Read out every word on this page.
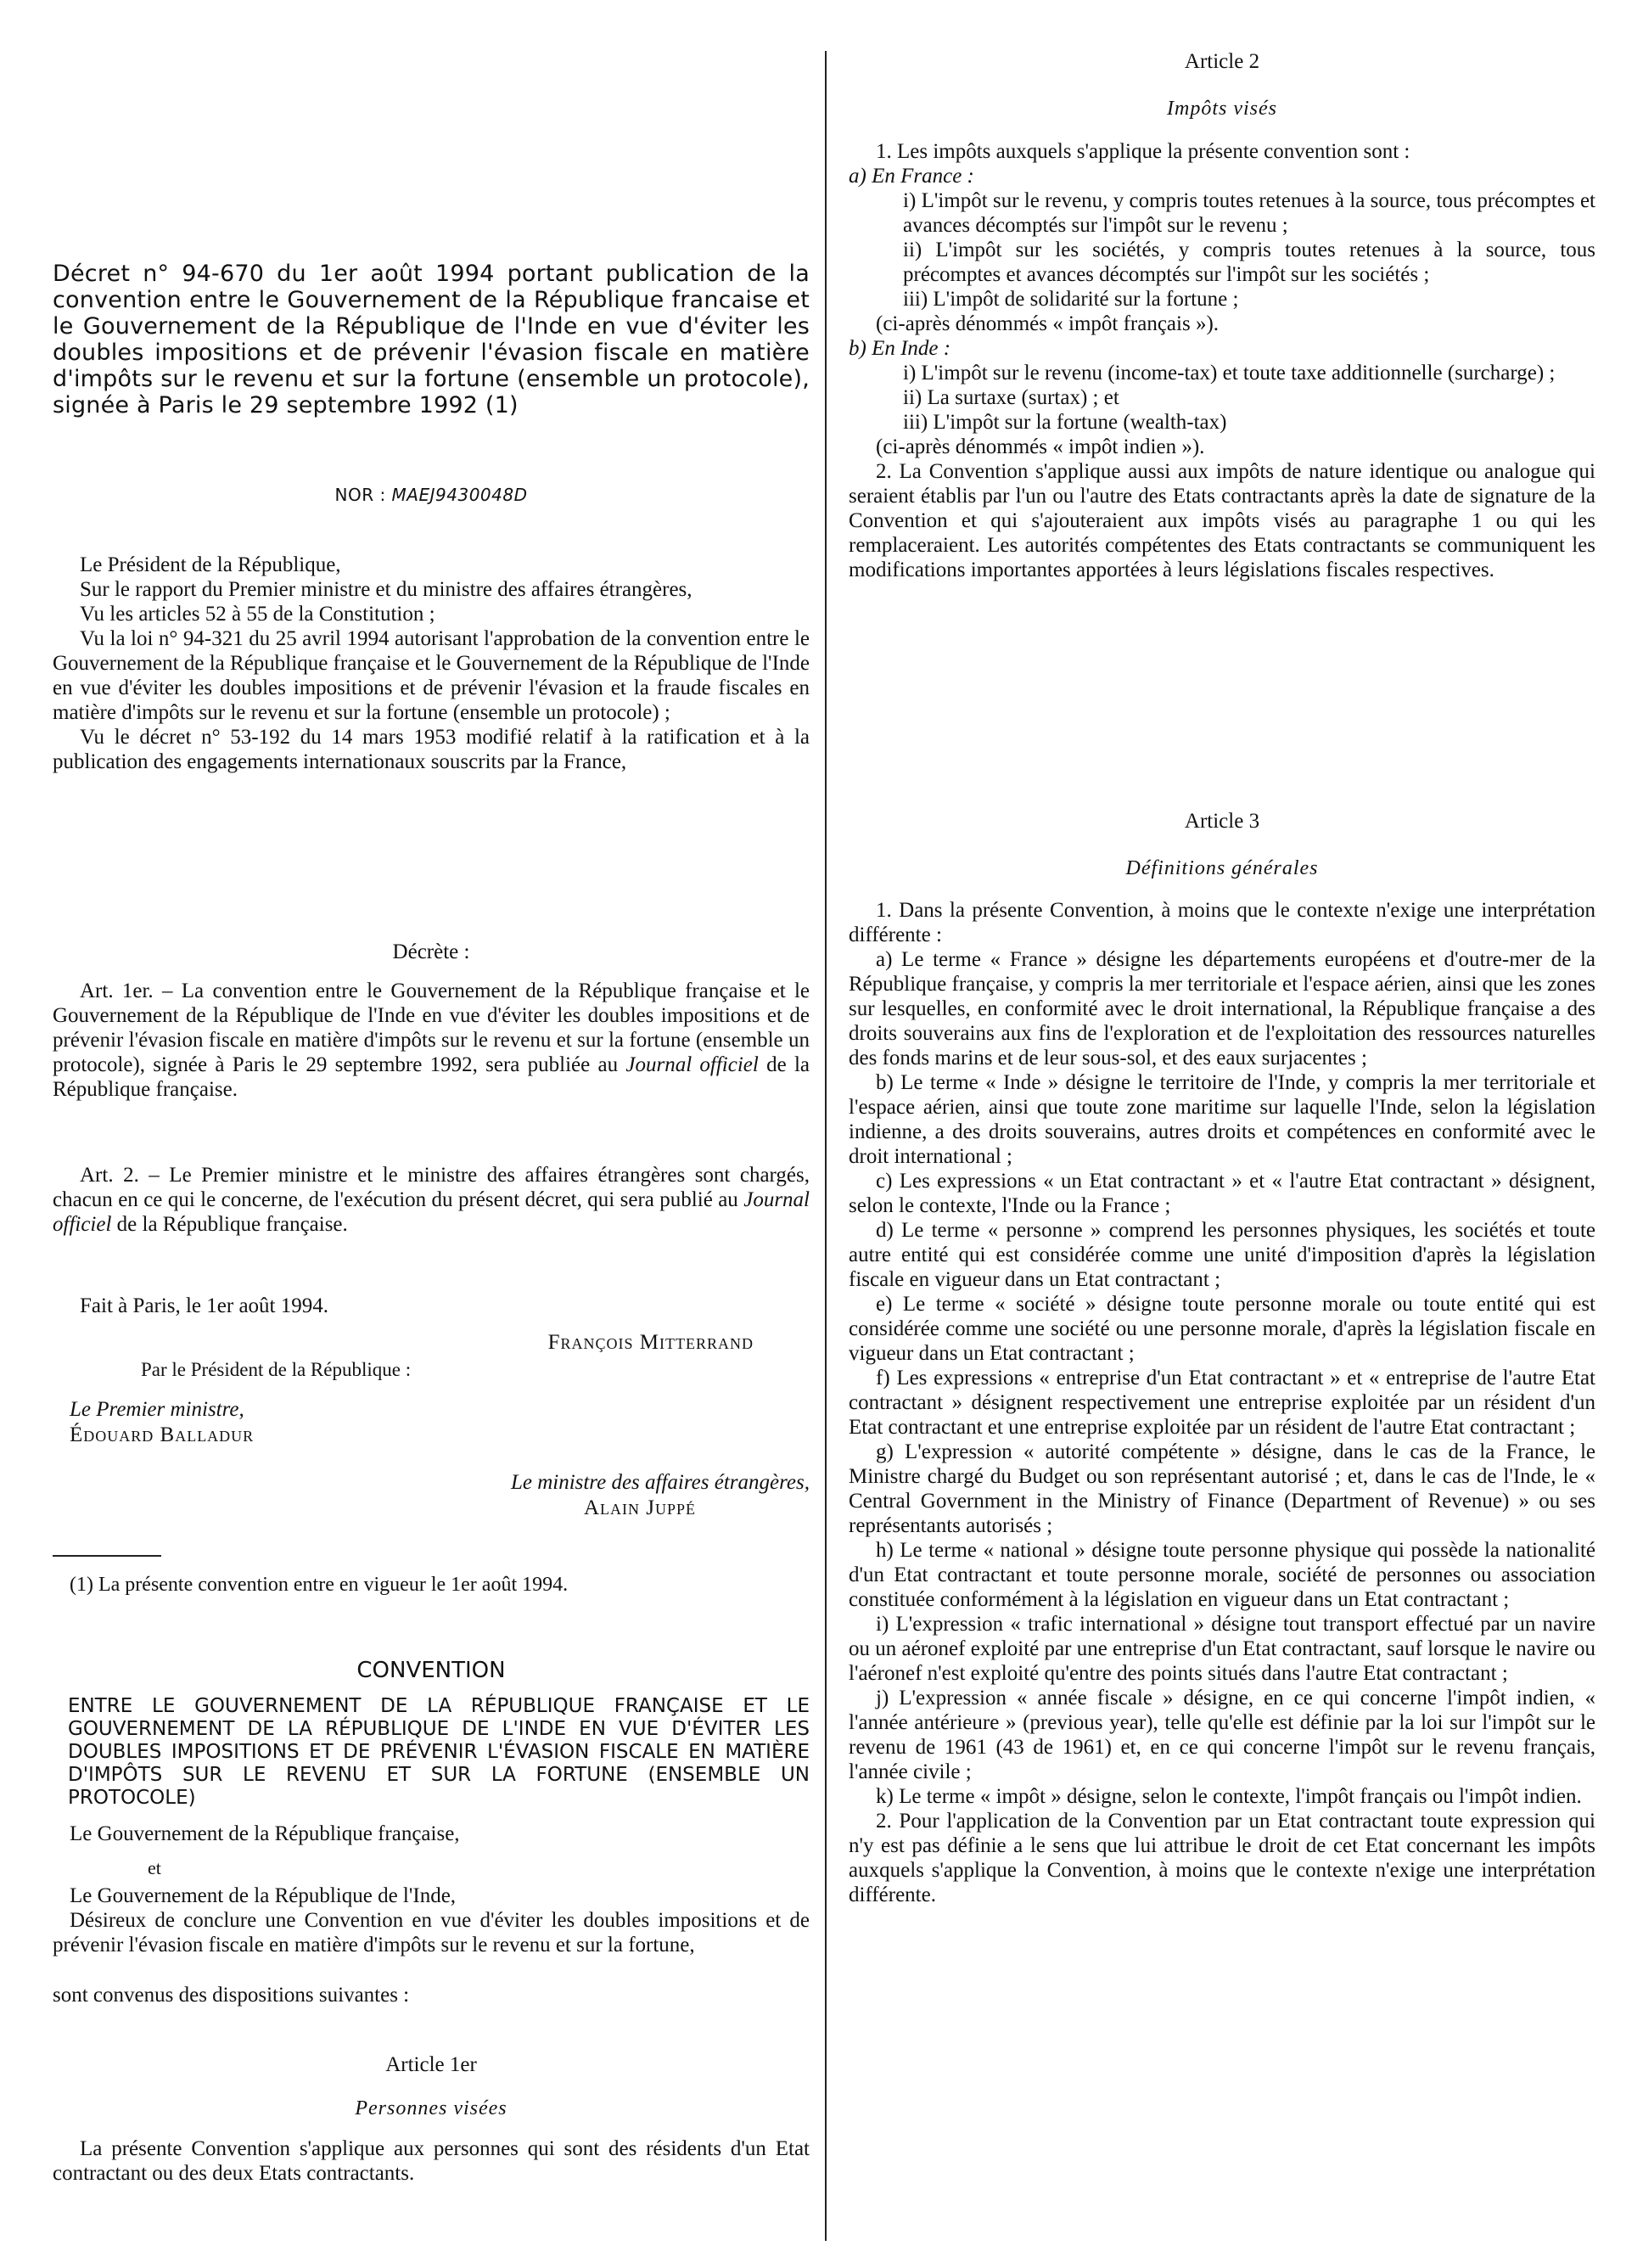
Décret n° 94-670 du 1er août 1994 portant publication de la convention entre le Gouvernement de la République francaise et le Gouvernement de la République de l'Inde en vue d'éviter les doubles impositions et de prévenir l'évasion fiscale en matière d'impôts sur le revenu et sur la fortune (ensemble un protocole), signée à Paris le 29 septembre 1992 (1)

NOR : MAEJ9430048D

Le Président de la République,

Sur le rapport du Premier ministre et du ministre des affaires étrangères,

Vu les articles 52 à 55 de la Constitution ;

Vu la loi n° 94-321 du 25 avril 1994 autorisant l'approbation de la convention entre le Gouvernement de la République française et le Gouvernement de la République de l'Inde en vue d'éviter les doubles impositions et de prévenir l'évasion et la fraude fiscales en matière d'impôts sur le revenu et sur la fortune (ensemble un protocole) ;

Vu le décret n° 53-192 du 14 mars 1953 modifié relatif à la ratification et à la publication des engagements internationaux souscrits par la France,

Décrète :

Art. 1er. – La convention entre le Gouvernement de la République française et le Gouvernement de la République de l'Inde en vue d'éviter les doubles impositions et de prévenir l'évasion fiscale en matière d'impôts sur le revenu et sur la fortune (ensemble un protocole), signée à Paris le 29 septembre 1992, sera publiée au Journal officiel de la République française.

Art. 2. – Le Premier ministre et le ministre des affaires étrangères sont chargés, chacun en ce qui le concerne, de l'exécution du présent décret, qui sera publié au Journal officiel de la République française.

Fait à Paris, le 1er août 1994.

François Mitterrand

Par le Président de la République :

Le Premier ministre,

Édouard Balladur

Le ministre des affaires étrangères,

Alain Juppé

(1) La présente convention entre en vigueur le 1er août 1994.

CONVENTION

ENTRE LE GOUVERNEMENT DE LA RÉPUBLIQUE FRANÇAISE ET LE GOUVERNEMENT DE LA RÉPUBLIQUE DE L'INDE EN VUE D'ÉVITER LES DOUBLES IMPOSITIONS ET DE PRÉVENIR L'ÉVASION FISCALE EN MATIÈRE D'IMPÔTS SUR LE REVENU ET SUR LA FORTUNE (ENSEMBLE UN PROTOCOLE)

Le Gouvernement de la République française,

et

Le Gouvernement de la République de l'Inde,

Désireux de conclure une Convention en vue d'éviter les doubles impositions et de prévenir l'évasion fiscale en matière d'impôts sur le revenu et sur la fortune,

sont convenus des dispositions suivantes :

Article 1er

Personnes visées

La présente Convention s'applique aux personnes qui sont des résidents d'un Etat contractant ou des deux Etats contractants.

Article 2

Impôts visés

1. Les impôts auxquels s'applique la présente convention sont :

a) En France :

i) L'impôt sur le revenu, y compris toutes retenues à la source, tous précomptes et avances décomptés sur l'impôt sur le revenu ;

ii) L'impôt sur les sociétés, y compris toutes retenues à la source, tous précomptes et avances décomptés sur l'impôt sur les sociétés ;

iii) L'impôt de solidarité sur la fortune ;

(ci-après dénommés « impôt français »).

b) En Inde :

i) L'impôt sur le revenu (income-tax) et toute taxe additionnelle (surcharge) ;

ii) La surtaxe (surtax) ; et

iii) L'impôt sur la fortune (wealth-tax)

(ci-après dénommés « impôt indien »).

2. La Convention s'applique aussi aux impôts de nature identique ou analogue qui seraient établis par l'un ou l'autre des Etats contractants après la date de signature de la Convention et qui s'ajouteraient aux impôts visés au paragraphe 1 ou qui les remplaceraient. Les autorités compétentes des Etats contractants se communiquent les modifications importantes apportées à leurs législations fiscales respectives.

Article 3

Définitions générales

1. Dans la présente Convention, à moins que le contexte n'exige une interprétation différente :

a) Le terme « France » désigne les départements européens et d'outre-mer de la République française, y compris la mer territoriale et l'espace aérien, ainsi que les zones sur lesquelles, en conformité avec le droit international, la République française a des droits souverains aux fins de l'exploration et de l'exploitation des ressources naturelles des fonds marins et de leur sous-sol, et des eaux surjacentes ;

b) Le terme « Inde » désigne le territoire de l'Inde, y compris la mer territoriale et l'espace aérien, ainsi que toute zone maritime sur laquelle l'Inde, selon la législation indienne, a des droits souverains, autres droits et compétences en conformité avec le droit international ;

c) Les expressions « un Etat contractant » et « l'autre Etat contractant » désignent, selon le contexte, l'Inde ou la France ;

d) Le terme « personne » comprend les personnes physiques, les sociétés et toute autre entité qui est considérée comme une unité d'imposition d'après la législation fiscale en vigueur dans un Etat contractant ;

e) Le terme « société » désigne toute personne morale ou toute entité qui est considérée comme une société ou une personne morale, d'après la législation fiscale en vigueur dans un Etat contractant ;

f) Les expressions « entreprise d'un Etat contractant » et « entreprise de l'autre Etat contractant » désignent respectivement une entreprise exploitée par un résident d'un Etat contractant et une entreprise exploitée par un résident de l'autre Etat contractant ;

g) L'expression « autorité compétente » désigne, dans le cas de la France, le Ministre chargé du Budget ou son représentant autorisé ; et, dans le cas de l'Inde, le « Central Government in the Ministry of Finance (Department of Revenue) » ou ses représentants autorisés ;

h) Le terme « national » désigne toute personne physique qui possède la nationalité d'un Etat contractant et toute personne morale, société de personnes ou association constituée conformément à la législation en vigueur dans un Etat contractant ;

i) L'expression « trafic international » désigne tout transport effectué par un navire ou un aéronef exploité par une entreprise d'un Etat contractant, sauf lorsque le navire ou l'aéronef n'est exploité qu'entre des points situés dans l'autre Etat contractant ;

j) L'expression « année fiscale » désigne, en ce qui concerne l'impôt indien, « l'année antérieure » (previous year), telle qu'elle est définie par la loi sur l'impôt sur le revenu de 1961 (43 de 1961) et, en ce qui concerne l'impôt sur le revenu français, l'année civile ;

k) Le terme « impôt » désigne, selon le contexte, l'impôt français ou l'impôt indien.

2. Pour l'application de la Convention par un Etat contractant toute expression qui n'y est pas définie a le sens que lui attribue le droit de cet Etat concernant les impôts auxquels s'applique la Convention, à moins que le contexte n'exige une interprétation différente.
